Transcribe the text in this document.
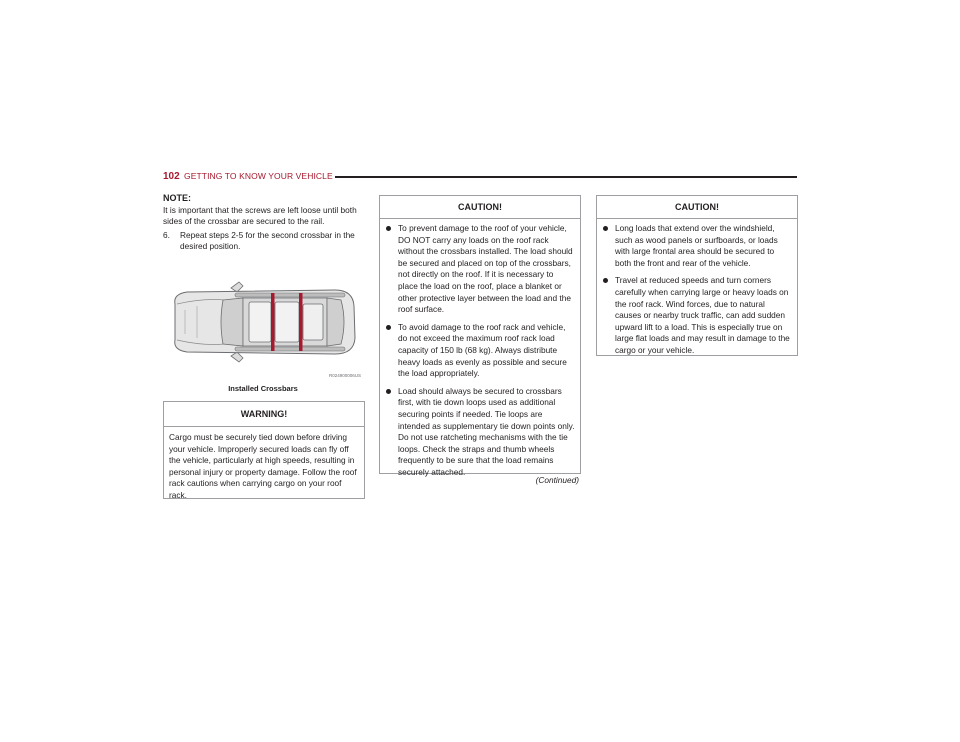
102 GETTING TO KNOW YOUR VEHICLE
NOTE:

It is important that the screws are left loose until both sides of the crossbar are secured to the rail.

6. Repeat steps 2-5 for the second crossbar in the desired position.
R024900006US
Installed Crossbars
WARNING!
Cargo must be securely tied down before driving your vehicle. Improperly secured loads can fly off the vehicle, particularly at high speeds, resulting in personal injury or property damage. Follow the roof rack cautions when carrying cargo on your roof rack.
CAUTION!
To prevent damage to the roof of your vehicle, DO NOT carry any loads on the roof rack without the crossbars installed. The load should be secured and placed on top of the crossbars, not directly on the roof. If it is necessary to place the load on the roof, place a blanket or other protective layer between the load and the roof surface.
To avoid damage to the roof rack and vehicle, do not exceed the maximum roof rack load capacity of 150 lb (68 kg). Always distribute heavy loads as evenly as possible and secure the load appropriately.
Load should always be secured to crossbars first, with tie down loops used as additional securing points if needed. Tie loops are intended as supplementary tie down points only. Do not use ratcheting mechanisms with the tie loops. Check the straps and thumb wheels frequently to be sure that the load remains securely attached.
(Continued)
CAUTION!
Long loads that extend over the windshield, such as wood panels or surfboards, or loads with large frontal area should be secured to both the front and rear of the vehicle.
Travel at reduced speeds and turn corners carefully when carrying large or heavy loads on the roof rack. Wind forces, due to natural causes or nearby truck traffic, can add sudden upward lift to a load. This is especially true on large flat loads and may result in damage to the cargo or your vehicle.
